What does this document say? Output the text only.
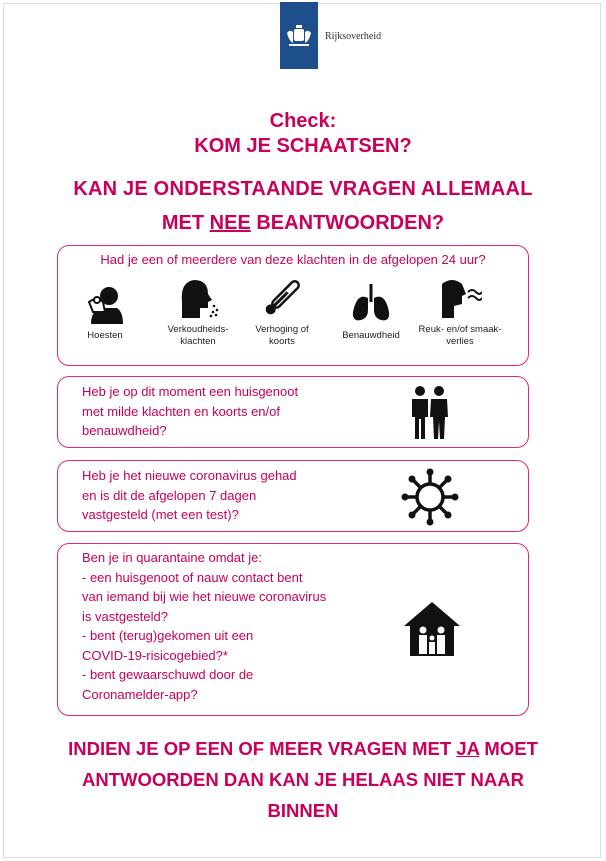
Rijksoverheid
Check:
KOM JE SCHAATSEN?
KAN JE ONDERSTAANDE VRAGEN ALLEMAAL
MET NEE BEANTWOORDEN?
Had je een of meerdere van deze klachten in de afgelopen 24 uur?
Hoesten
Verkoudheids-
klachten
Verhoging of
koorts
Benauwdheid
Reuk- en/of smaak-
verlies
Heb je op dit moment een huisgenoot
met milde klachten en koorts en/of
benauwdheid?
Heb je het nieuwe coronavirus gehad
en is dit de afgelopen 7 dagen
vastgesteld (met een test)?
Ben je in quarantaine omdat je:
- een huisgenoot of nauw contact bent
van iemand bij wie het nieuwe coronavirus
is vastgesteld?
- bent (terug)gekomen uit een
COVID-19-risicogebied?*
- bent gewaarschuwd door de
Coronamelder-app?
INDIEN JE OP EEN OF MEER VRAGEN MET JA MOET
ANTWOORDEN DAN KAN JE HELAAS NIET NAAR
BINNEN
